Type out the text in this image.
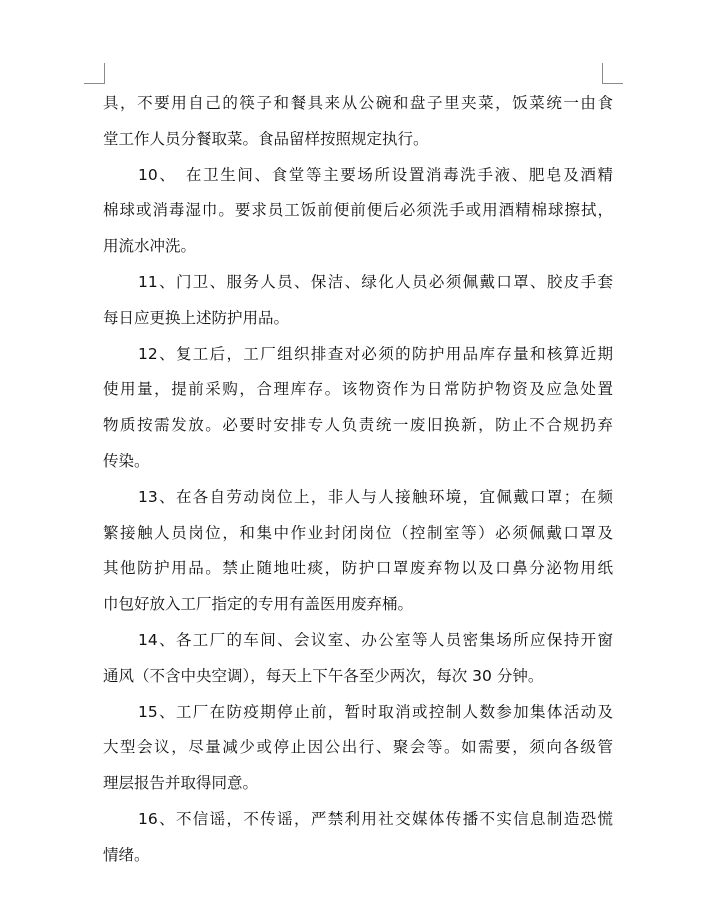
具，不要用自己的筷子和餐具来从公碗和盘子里夹菜，饭菜统一由食
堂工作人员分餐取菜。食品留样按照规定执行。

10、　在卫生间、食堂等主要场所设置消毒洗手液、肥皂及酒精
棉球或消毒湿巾。要求员工饭前便前便后必须洗手或用酒精棉球擦拭，
用流水冲洗。

11、门卫、服务人员、保洁、绿化人员必须佩戴口罩、胶皮手套
每日应更换上述防护用品。

12、复工后，工厂组织排查对必须的防护用品库存量和核算近期
使用量，提前采购，合理库存。该物资作为日常防护物资及应急处置
物质按需发放。必要时安排专人负责统一废旧换新，防止不合规扔弃
传染。

13、在各自劳动岗位上，非人与人接触环境，宜佩戴口罩；在频
繁接触人员岗位，和集中作业封闭岗位（控制室等）必须佩戴口罩及
其他防护用品。禁止随地吐痰，防护口罩废弃物以及口鼻分泌物用纸
巾包好放入工厂指定的专用有盖医用废弃桶。

14、各工厂的车间、会议室、办公室等人员密集场所应保持开窗
通风（不含中央空调），每天上下午各至少两次，每次 30 分钟。

15、工厂在防疫期停止前，暂时取消或控制人数参加集体活动及
大型会议，尽量减少或停止因公出行、聚会等。如需要，须向各级管
理层报告并取得同意。

16、不信谣，不传谣，严禁利用社交媒体传播不实信息制造恐慌
情绪。
